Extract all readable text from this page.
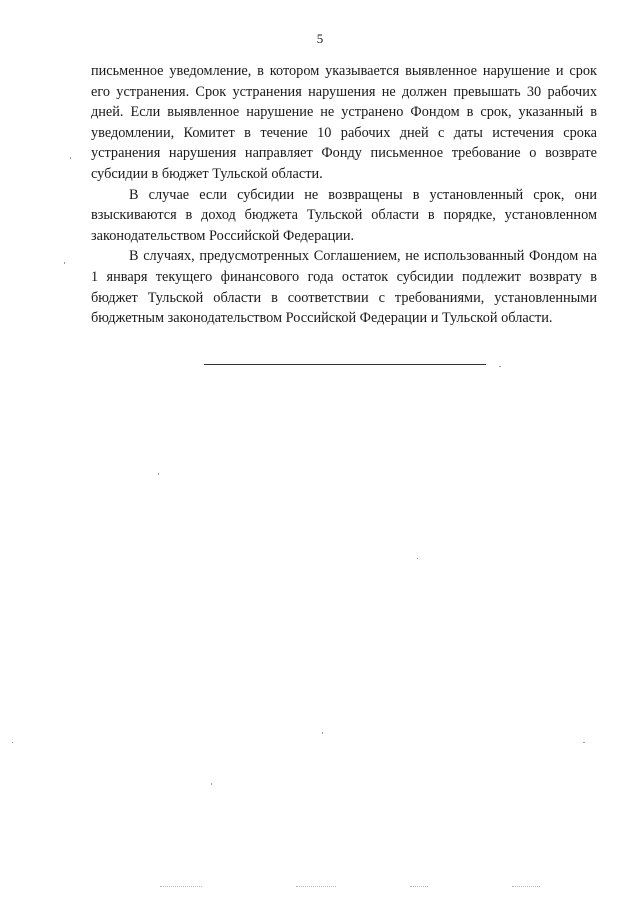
5

письменное уведомление, в котором указывается выявленное нарушение и срок его устранения. Срок устранения нарушения не должен превышать 30 рабочих дней. Если выявленное нарушение не устранено Фондом в срок, указанный в уведомлении, Комитет в течение 10 рабочих дней с даты истечения срока устранения нарушения направляет Фонду письменное требование о возврате субсидии в бюджет Тульской области.

В случае если субсидии не возвращены в установленный срок, они взыскиваются в доход бюджета Тульской области в порядке, установленном законодательством Российской Федерации.

В случаях, предусмотренных Соглашением, не использованный Фондом на 1 января текущего финансового года остаток субсидии подлежит возврату в бюджет Тульской области в соответствии с требованиями, установленными бюджетным законодательством Российской Федерации и Тульской области.
